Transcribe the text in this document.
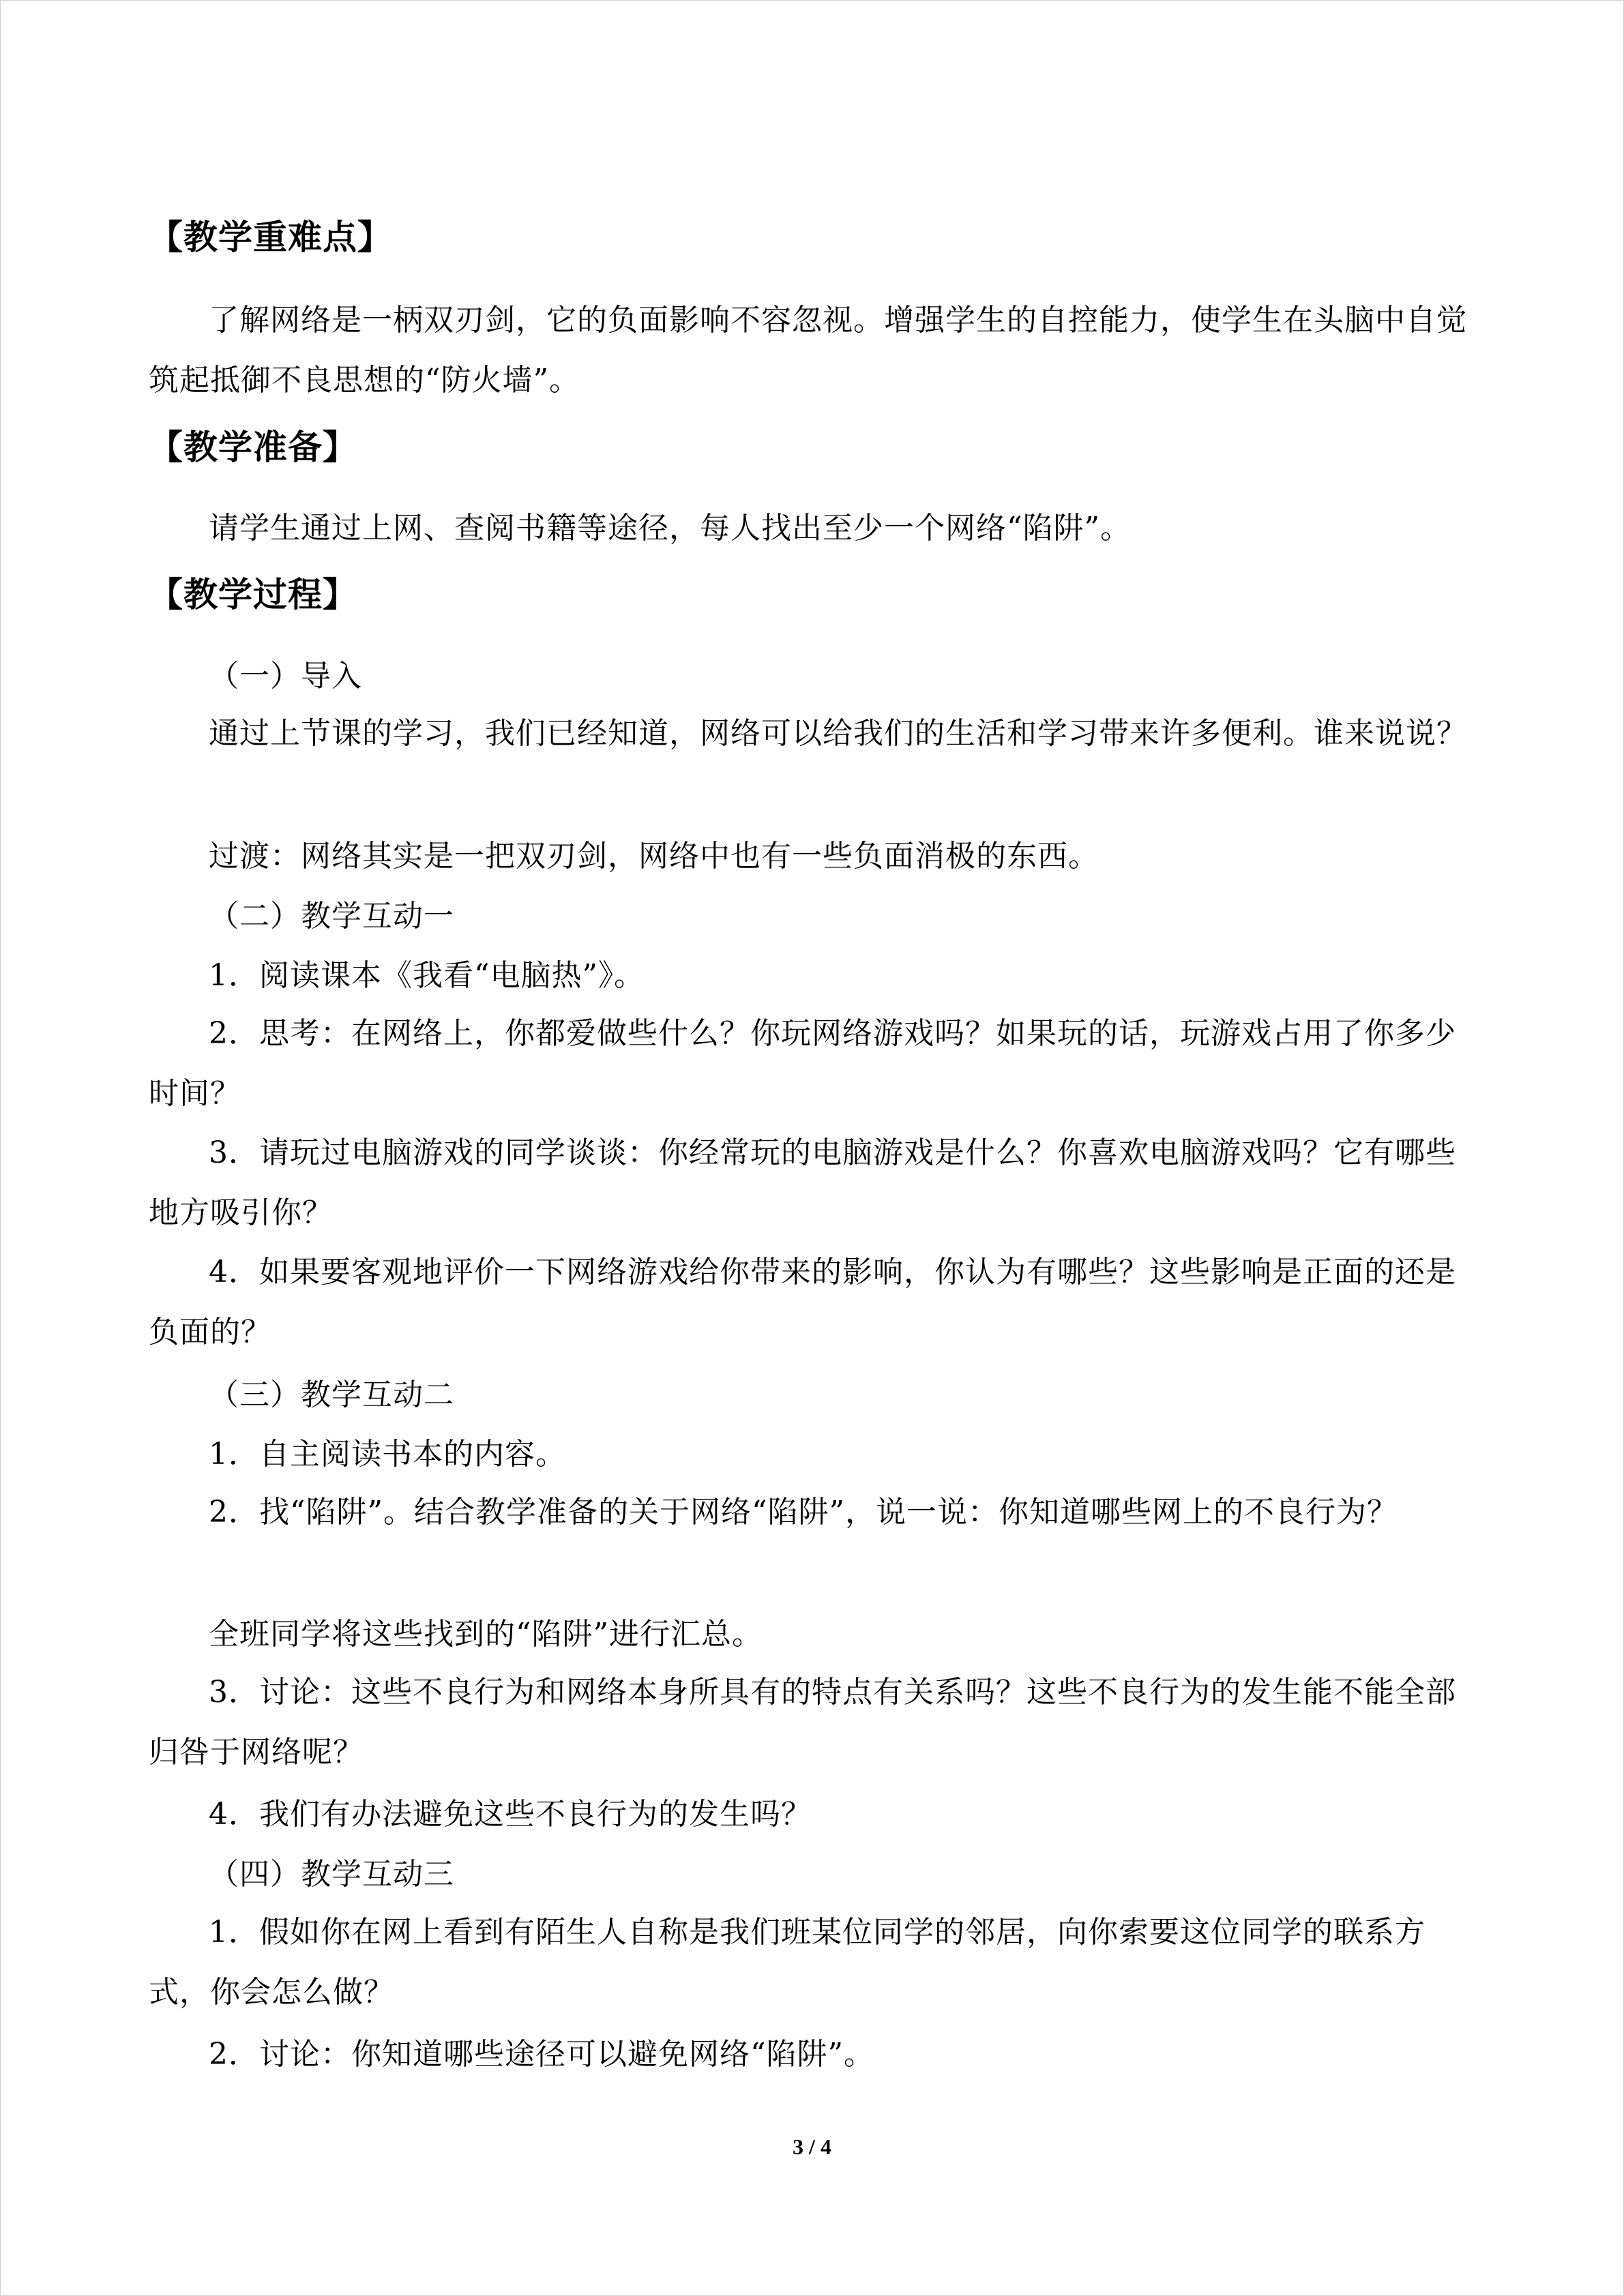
【教学重难点】

了解网络是一柄双刃剑，它的负面影响不容忽视。增强学生的自控能力，使学生在头脑中自觉筑起抵御不良思想的“防火墙”。

【教学准备】

请学生通过上网、查阅书籍等途径，每人找出至少一个网络“陷阱”。

【教学过程】

（一）导入

通过上节课的学习，我们已经知道，网络可以给我们的生活和学习带来许多便利。谁来说说？

过渡：网络其实是一把双刃剑，网络中也有一些负面消极的东西。

（二）教学互动一

1．阅读课本《我看“电脑热”》。

2．思考：在网络上，你都爱做些什么？你玩网络游戏吗？如果玩的话，玩游戏占用了你多少时间？

3．请玩过电脑游戏的同学谈谈：你经常玩的电脑游戏是什么？你喜欢电脑游戏吗？它有哪些地方吸引你？

4．如果要客观地评价一下网络游戏给你带来的影响，你认为有哪些？这些影响是正面的还是负面的？

（三）教学互动二

1．自主阅读书本的内容。

2．找“陷阱”。结合教学准备的关于网络“陷阱”，说一说：你知道哪些网上的不良行为？

全班同学将这些找到的“陷阱”进行汇总。

3．讨论：这些不良行为和网络本身所具有的特点有关系吗？这些不良行为的发生能不能全部归咎于网络呢？

4．我们有办法避免这些不良行为的发生吗？

（四）教学互动三

1．假如你在网上看到有陌生人自称是我们班某位同学的邻居，向你索要这位同学的联系方式，你会怎么做？

2．讨论：你知道哪些途径可以避免网络“陷阱”。

3 / 4
